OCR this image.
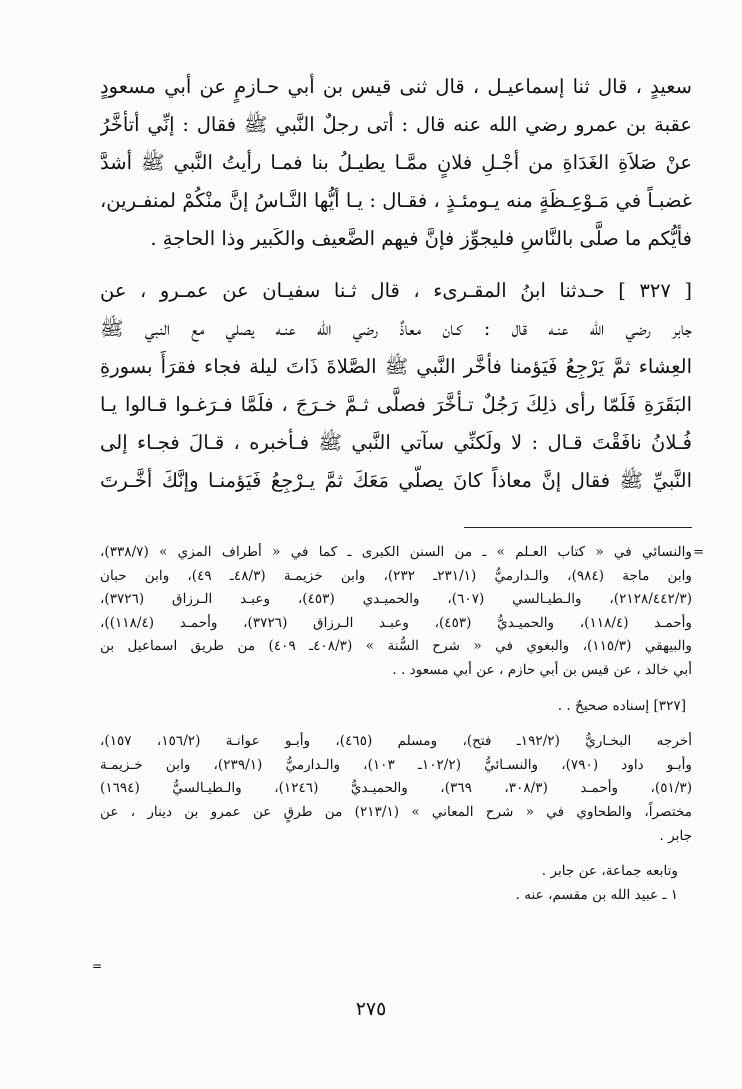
سعيدٍ ، قال ثنا إسماعيـل ، قال ثنى قيس بن أبي حـازمٍ عن أبي مسعودٍ
عقبة بن عمرو رضي الله عنه قال : أتى رجلٌ النَّبي ﷺ فقال : إنِّي أتأخَّرُ
عنْ صَلاَةِ الغَدَاةِ من أجْـلِ فلانٍ ممَّـا يطيـلُ بنا فمـا رأيتُ النَّبي ﷺ أشدَّ
غضبـاً في مَـوْعِـظَةٍ منه يـومئـذٍ ، فقـال : يـا أيُّها النَّـاسُ إنَّ منْكُمْ لمنفـرين،
فأيُّكم ما صلَّى بالنَّاسِ فليجوِّز فإنَّ فيهم الضَّعيف والكَبير وذا الحاجةِ .
[ ٣٢٧ ] حـدثنا ابنُ المقـرىء ، قال ثـنا سفيـان عن عمـرو ، عن
جابر رضي الله عنـه قال : كـان معاذٌ رضي الله عنـه يصلي مع النبي ﷺ
العِشاء ثمَّ يَرْجِعُ فَيَؤمنا فأخَّر النَّبي ﷺ الصَّلاةَ ذَاتَ ليلة فجاء فقرَأَ بسورةِ
البَقَرَةِ فَلَمّا رأى ذلِكَ رَجُلٌ تـأخَّرَ فصلَّى ثـمَّ خـرَجَ ، فلَمَّا فـرَغـوا قـالوا يـا
فُـلانُ نافَقْتَ قـال : لا ولَكنِّي سآتي النَّبي ﷺ فـأخبره ، قـالَ فجـاء إلى
النَّبيِّ ﷺ فقال إنَّ معاذاً كانَ يصلّي مَعَكَ ثمَّ يـرْجِعُ فَيَؤمنـا وإنَّكَ أخَّـرتَ
=
والنسائي في « كتاب العـلم » ـ من السنن الكبرى ـ كما في « أطراف المزي » (٣٣٨/٧)،
وابن ماجة (٩٨٤)، والـدارميُّ (٢٣١/١ـ ٢٣٢)، وابن خزيمـة (٤٨/٣ـ ٤٩)، وابن حبان
(٢١٢٨/٤٤٢/٣)، والـطيـالسي (٦٠٧)، والحميـدي (٤٥٣)، وعبـد الـرزاق (٣٧٢٦)،
وأحمـد (١١٨/٤)، والحميـديُّ (٤٥٣)، وعبـد الـرزاق (٣٧٢٦)، وأحمـد (١١٨/٤))،
والبيهقي (١١٥/٣)، والبغوي في « شرح السُّنة » (٤٠٨/٣ـ ٤٠٩) من طريق اسماعيل بن
أبي خالد ، عن قيس بن أبي حازم ، عن أبي مسعود . .
[٣٢٧] إسناده صحيحٌ . .
أخرجه البخـاريُّ (١٩٢/٢ـ فتح)، ومسلم (٤٦٥)، وأبـو عوانـة (١٥٦/٢، ١٥٧)،
وأبـو داود (٧٩٠)، والنسـائيُّ (١٠٢/٢ـ ١٠٣)، والـدارميُّ (٢٣٩/١)، وابن خـزيمـة
(٥١/٣)، وأحمـد (٣٠٨/٣، ٣٦٩)، والحميـديُّ (١٢٤٦)، والـطيـالسيُّ (١٦٩٤)
مختصراً، والطحاوي في « شرح المعاني » (٢١٣/١) من طرقٍ عن عمرو بن دينار ، عن
جابر .
وتابعه جماعة، عن جابر .
١ ـ عبيد الله بن مقسم، عنه .
=
٢٧٥
